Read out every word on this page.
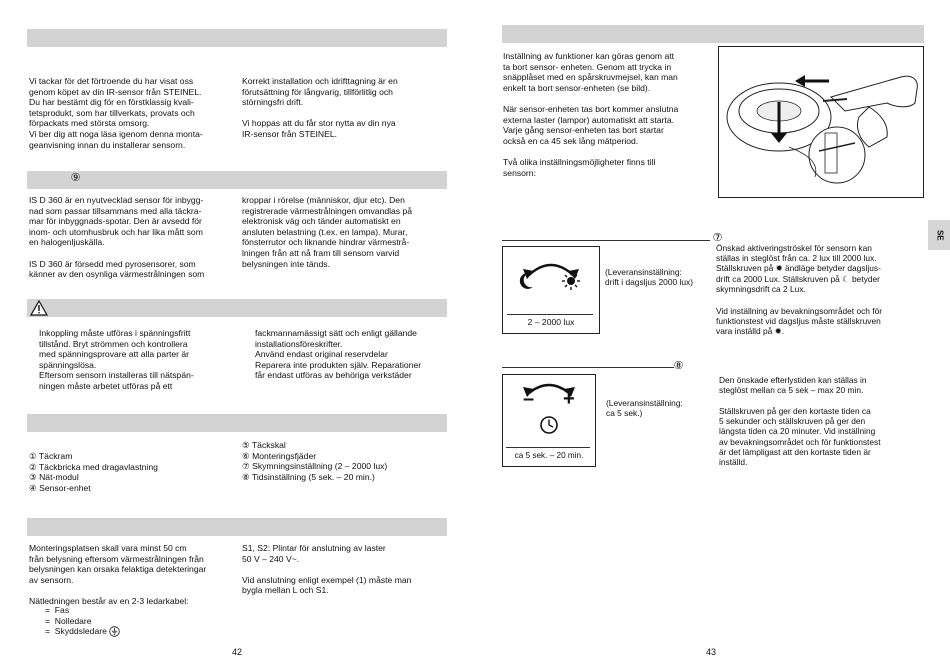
Vi tackar för det förtroende du har visat oss
genom köpet av din IR-sensor från STEINEL.
Du har bestämt dig för en förstklassig kvali-
tetsprodukt, som har tillverkats, provats och
förpackats med största omsorg.
Vi ber dig att noga läsa igenom denna monta-
geanvisning innan du installerar sensorn.
Korrekt installation och idrifttagning är en
förutsättning för långvarig, tillförlitlig och
störningsfri drift.

Vi hoppas att du får stor nytta av din nya
IR-sensor från STEINEL.
⑨
IS D 360 är en nyutvecklad sensor för inbygg-
nad som passar tillsammans med alla täckra-
mar för inbyggnads-spotar. Den är avsedd för
inom- och utomhusbruk och har lika mått som
en halogenljuskälla.

IS D 360 är försedd med pyrosensorer, som
känner av den osynliga värmestrålningen som
kroppar i rörelse (människor, djur etc). Den
registrerade värmestrålningen omvandlas på
elektronisk väg och tänder automatiskt en
ansluten belastning (t.ex. en lampa). Murar,
fönsterrutor och liknande hindrar värmestrå-
lningen från att nå fram till sensorn varvid
belysningen inte tänds.
Inkoppling måste utföras i spänningsfritt
tillstånd. Bryt strömmen och kontrollera
med spänningsprovare att alla parter är
spänningslösa.
Eftersom sensorn installeras till nätspän-
ningen måste arbetet utföras på ett
fackmannamässigt sätt och enligt gällande
installationsföreskrifter.
Använd endast original reservdelar
Reparera inte produkten själv. Reparationer
får endast utföras av behöriga verkstäder
① Täckram
② Täckbricka med dragavlastning
③ Nät-modul
④ Sensor-enhet
⑤ Täckskal
⑥ Monteringsfjäder
⑦ Skymningsinställning (2 – 2000 lux)
⑧ Tidsinställning (5 sek. – 20 min.)
Monteringsplatsen skall vara minst 50 cm
från belysning eftersom värmestrålningen från
belysningen kan orsaka felaktiga detekteringar
av sensorn.

Nätledningen består av en 2-3 ledarkabel:
=  Fas
=  Nolledare
=  Skyddsledare
S1, S2: Plintar för anslutning av laster
50 V – 240 V~.

Vid anslutning enligt exempel (1) måste man
bygla mellan L och S1.
42
Inställning av funktioner kan göras genom att
ta bort sensor- enheten. Genom att trycka in
snäpplåset med en spårskruvmejsel, kan man
enkelt ta bort sensor-enheten (se bild).

När sensor-enheten tas bort kommer anslutna
externa laster (lampor) automatiskt att starta.
Varje gång sensor-enheten tas bort startar
också en ca 45 sek lång mätperiod.

Två olika inställningsmöjligheter finns till
sensorn:
SE
⑦
2 – 2000 lux
(Leveransinställning:
drift i dagsljus 2000 lux)
Önskad aktiveringströskel för sensorn kan
ställas in steglöst från ca. 2 lux till 2000 lux.
Ställskruven på ✹ ändläge betyder dagsljus-
drift ca 2000 Lux. Ställskruven på ☾ betyder
skymningsdrift ca 2 Lux.
Vid inställning av bevakningsområdet och för
funktionstest vid dagsljus måste ställskruven
vara inställd på ✹.
⑧
– +
ca 5 sek. – 20 min.
(Leveransinställning:
ca 5 sek.)
Den önskade efterlystiden kan ställas in
steglöst mellan ca 5 sek – max 20 min.
Ställskruven på ger den kortaste tiden ca
5 sekunder och ställskruven på ger den
längsta tiden ca 20 minuter. Vid inställning
av bevakningsområdet och för funktionstest
är det lämpligast att den kortaste tiden är
inställd.
43
